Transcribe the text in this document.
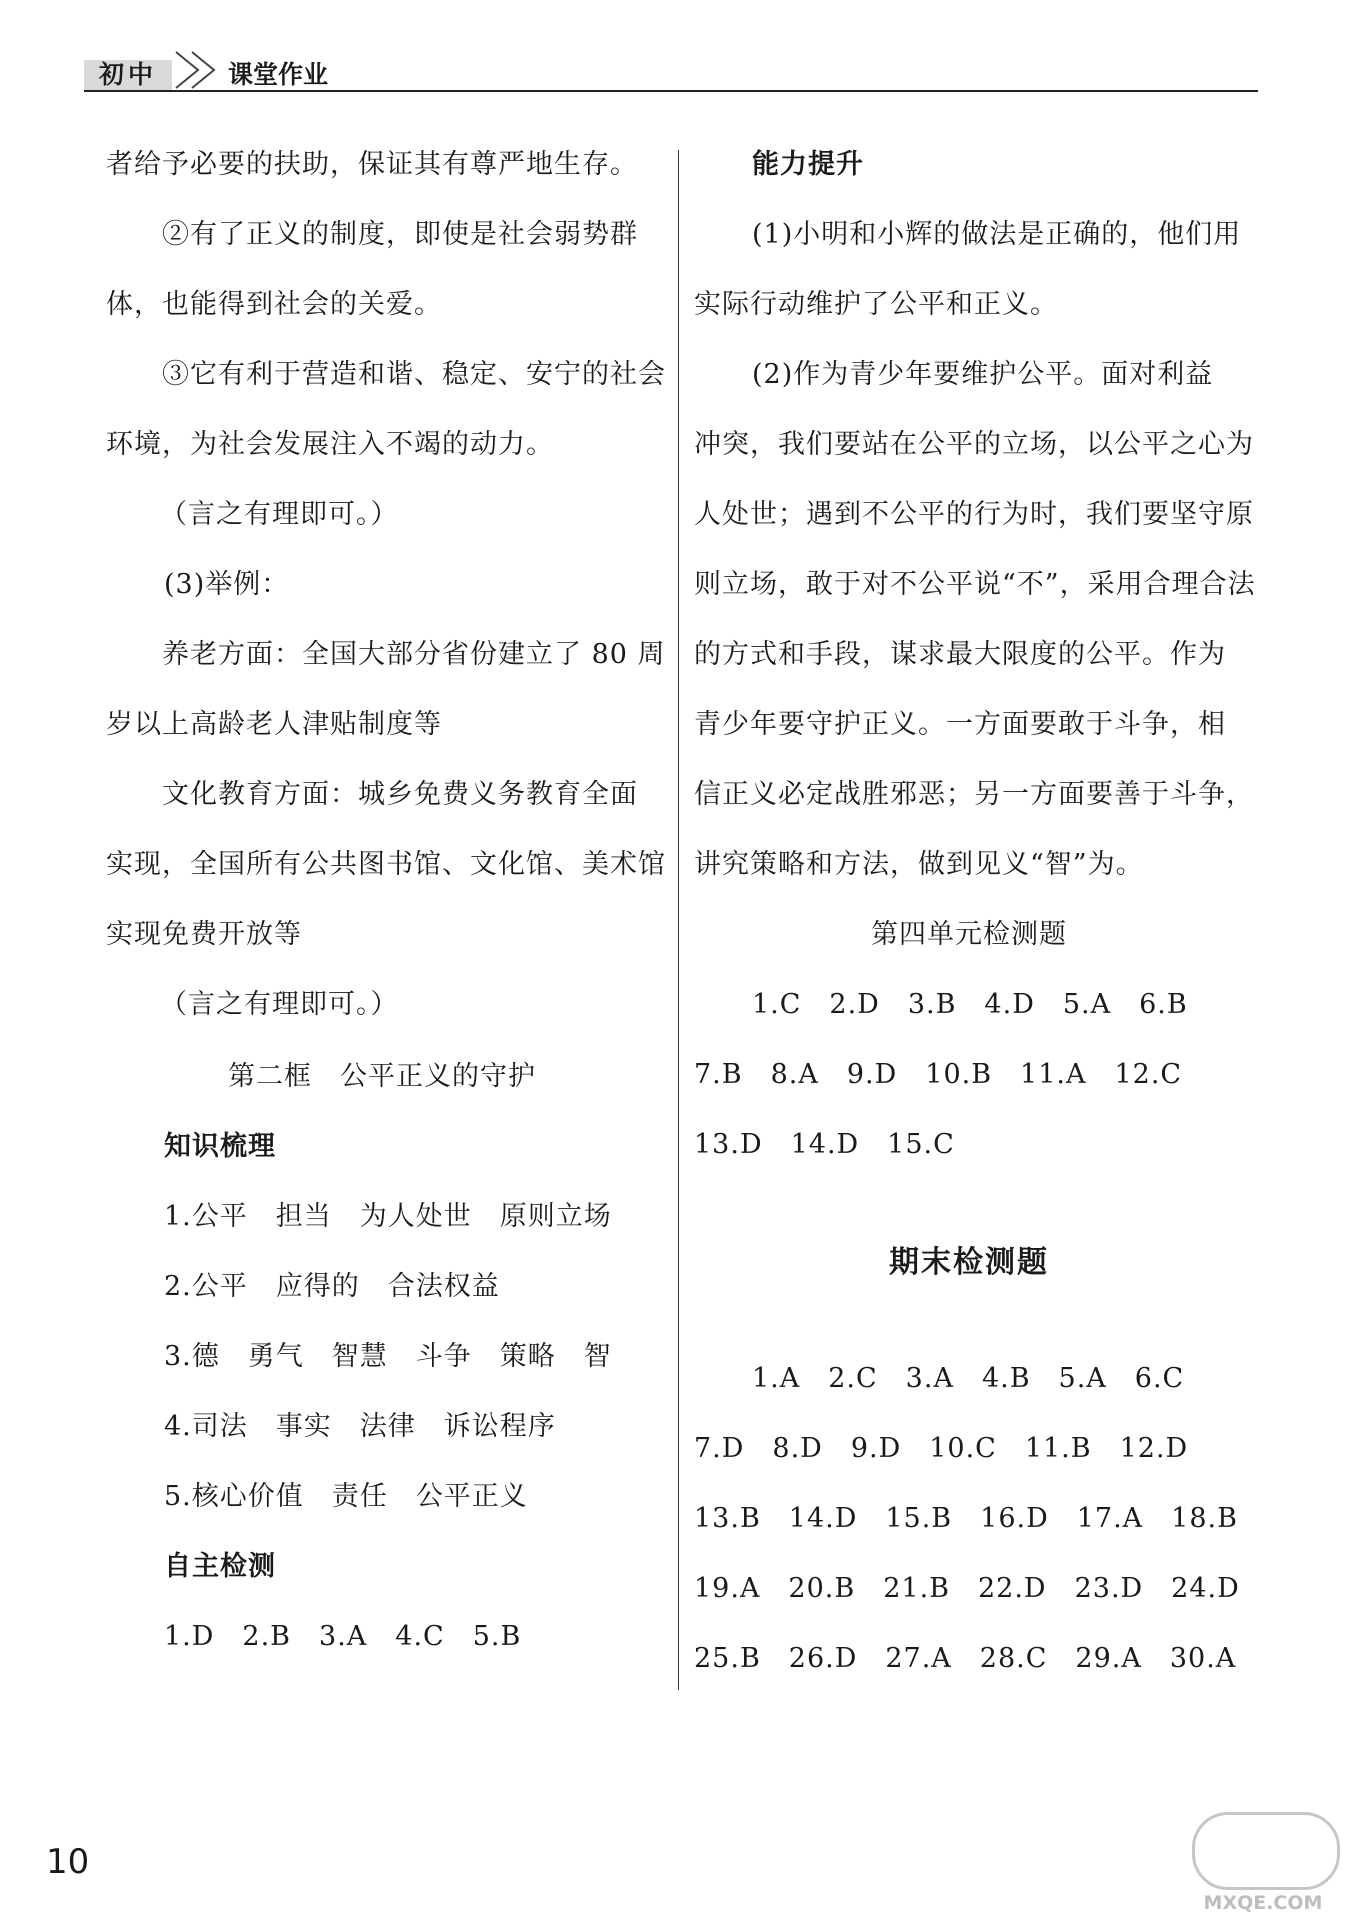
初中	课堂作业
者给予必要的扶助，保证其有尊严地生存。
②有了正义的制度，即使是社会弱势群
体，也能得到社会的关爱。
③它有利于营造和谐、稳定、安宁的社会
环境，为社会发展注入不竭的动力。
（言之有理即可。）
(3)举例：
养老方面：全国大部分省份建立了 80 周
岁以上高龄老人津贴制度等
文化教育方面：城乡免费义务教育全面
实现，全国所有公共图书馆、文化馆、美术馆
实现免费开放等
（言之有理即可。）
第二框　公平正义的守护
知识梳理
1.公平　担当　为人处世　原则立场
2.公平　应得的　合法权益
3.德　勇气　智慧　斗争　策略　智
4.司法　事实　法律　诉讼程序
5.核心价值　责任　公平正义
自主检测
1.D　2.B　3.A　4.C　5.B
能力提升
(1)小明和小辉的做法是正确的，他们用
实际行动维护了公平和正义。
(2)作为青少年要维护公平。面对利益
冲突，我们要站在公平的立场，以公平之心为
人处世；遇到不公平的行为时，我们要坚守原
则立场，敢于对不公平说“不”，采用合理合法
的方式和手段，谋求最大限度的公平。作为
青少年要守护正义。一方面要敢于斗争，相
信正义必定战胜邪恶；另一方面要善于斗争，
讲究策略和方法，做到见义“智”为。
第四单元检测题
1.C　2.D　3.B　4.D　5.A　6.B
7.B　8.A　9.D　10.B　11.A　12.C
13.D　14.D　15.C
期末检测题
1.A　2.C　3.A　4.B　5.A　6.C
7.D　8.D　9.D　10.C　11.B　12.D
13.B　14.D　15.B　16.D　17.A　18.B
19.A　20.B　21.B　22.D　23.D　24.D
25.B　26.D　27.A　28.C　29.A　30.A
10
MXQE.COM
